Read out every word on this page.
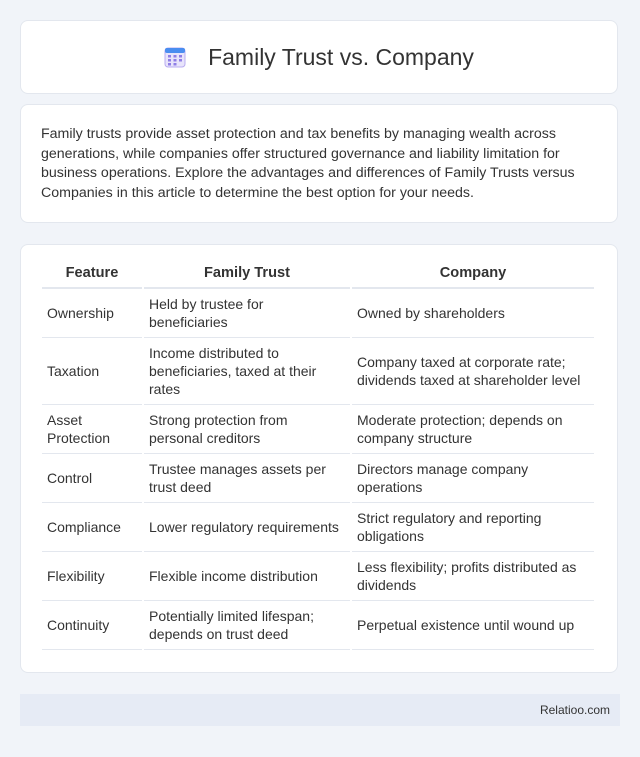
Family Trust vs. Company

Family trusts provide asset protection and tax benefits by managing wealth across generations, while companies offer structured governance and liability limitation for business operations. Explore the advantages and differences of Family Trusts versus Companies in this article to determine the best option for your needs.

Feature	Family Trust	Company
Ownership	Held by trustee for beneficiaries	Owned by shareholders
Taxation	Income distributed to beneficiaries, taxed at their rates	Company taxed at corporate rate; dividends taxed at shareholder level
Asset Protection	Strong protection from personal creditors	Moderate protection; depends on company structure
Control	Trustee manages assets per trust deed	Directors manage company operations
Compliance	Lower regulatory requirements	Strict regulatory and reporting obligations
Flexibility	Flexible income distribution	Less flexibility; profits distributed as dividends
Continuity	Potentially limited lifespan; depends on trust deed	Perpetual existence until wound up
Relatioo.com
